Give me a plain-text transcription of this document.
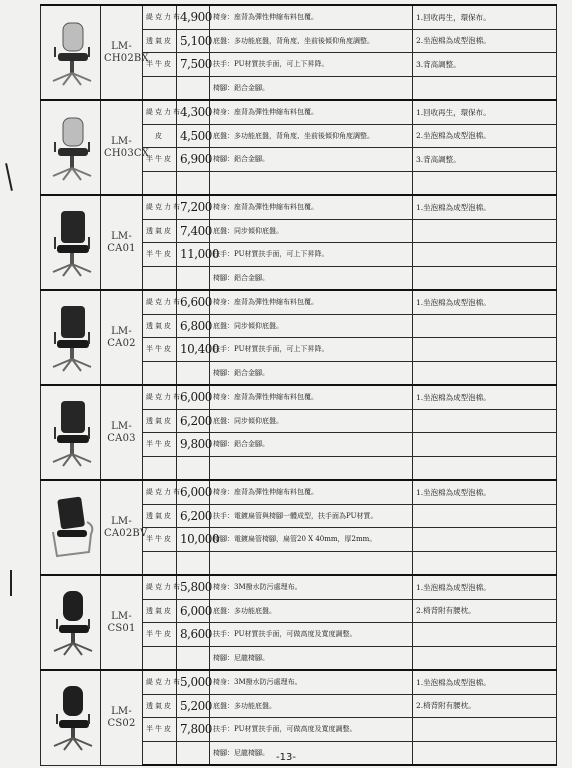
	LM-
CH02BX	緹克力布	4,900	椅身：座背為彈性伸縮布料包覆。	1.回收再生，環保布。
		透氣皮	5,100	底盤：多功能底盤，背角度、坐前後傾仰角度調整。	2.坐泡棉為成型泡棉。
		半牛皮	7,500	扶手：PU材質扶手面，可上下昇降。	3.背高調整。
				椅腳：鋁合金腳。	

	LM-
CH03CX	緹克力布	4,300	椅身：座背為彈性伸縮布料包覆。	1.回收再生，環保布。
		皮	4,500	底盤：多功能底盤，背角度、坐前後傾仰角度調整。	2.坐泡棉為成型泡棉。
		半牛皮	6,900	椅腳：鋁合金腳。	3.背高調整。

	LM-
CA01	緹克力布	7,200	椅身：座背為彈性伸縮布料包覆。	1.坐泡棉為成型泡棉。
		透氣皮	7,400	底盤：同步傾仰底盤。	
		半牛皮	11,000	扶手：PU材質扶手面，可上下昇降。	
				椅腳：鋁合金腳。	

	LM-
CA02	緹克力布	6,600	椅身：座背為彈性伸縮布料包覆。	1.坐泡棉為成型泡棉。
		透氣皮	6,800	底盤：同步傾仰底盤。	
		半牛皮	10,400	扶手：PU材質扶手面，可上下昇降。	
				椅腳：鋁合金腳。	

	LM-
CA03	緹克力布	6,000	椅身：座背為彈性伸縮布料包覆。	1.坐泡棉為成型泡棉。
		透氣皮	6,200	底盤：同步傾仰底盤。	
		半牛皮	9,800	椅腳：鋁合金腳。	

	LM-
CA02BV	緹克力布	6,000	椅身：座背為彈性伸縮布料包覆。	1.坐泡棉為成型泡棉。
		透氣皮	6,200	扶手：電鍍扁管與椅腳一體成型，扶手面為PU材質。	
		半牛皮	10,000	椅腳：電鍍扁管椅腳，扁管20 X 40mm，厚2mm。	

	LM-
CS01	緹克力布	5,800	椅身：3M撥水防污處理布。	1.坐泡棉為成型泡棉。
		透氣皮	6,000	底盤：多功能底盤。	2.椅背附有腰枕。
		半牛皮	8,600	扶手：PU材質扶手面，可做高度及寬度調整。	
				椅腳：尼龍椅腳。	

	LM-
CS02	緹克力布	5,000	椅身：3M撥水防污處理布。	1.坐泡棉為成型泡棉。
		透氣皮	5,200	底盤：多功能底盤。	2.椅背附有腰枕。
		半牛皮	7,800	扶手：PU材質扶手面，可做高度及寬度調整。	
				椅腳：尼龍椅腳。	-13-
